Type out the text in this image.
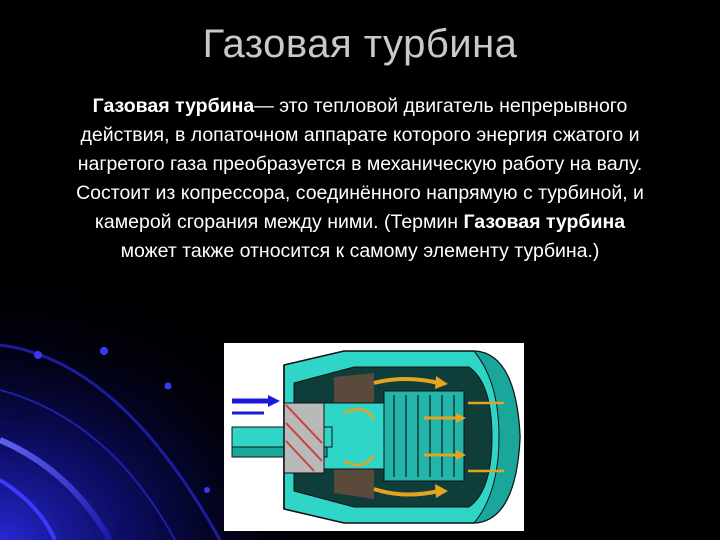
Газовая турбина
Газовая турбина— это тепловой двигатель непрерывного действия, в лопаточном аппарате которого энергия сжатого и нагретого газа преобразуется в механическую работу на валу. Состоит из копрессора, соединённого напрямую с турбиной, и камерой сгорания между ними. (Термин Газовая турбина может также относится к самому элементу турбина.)
